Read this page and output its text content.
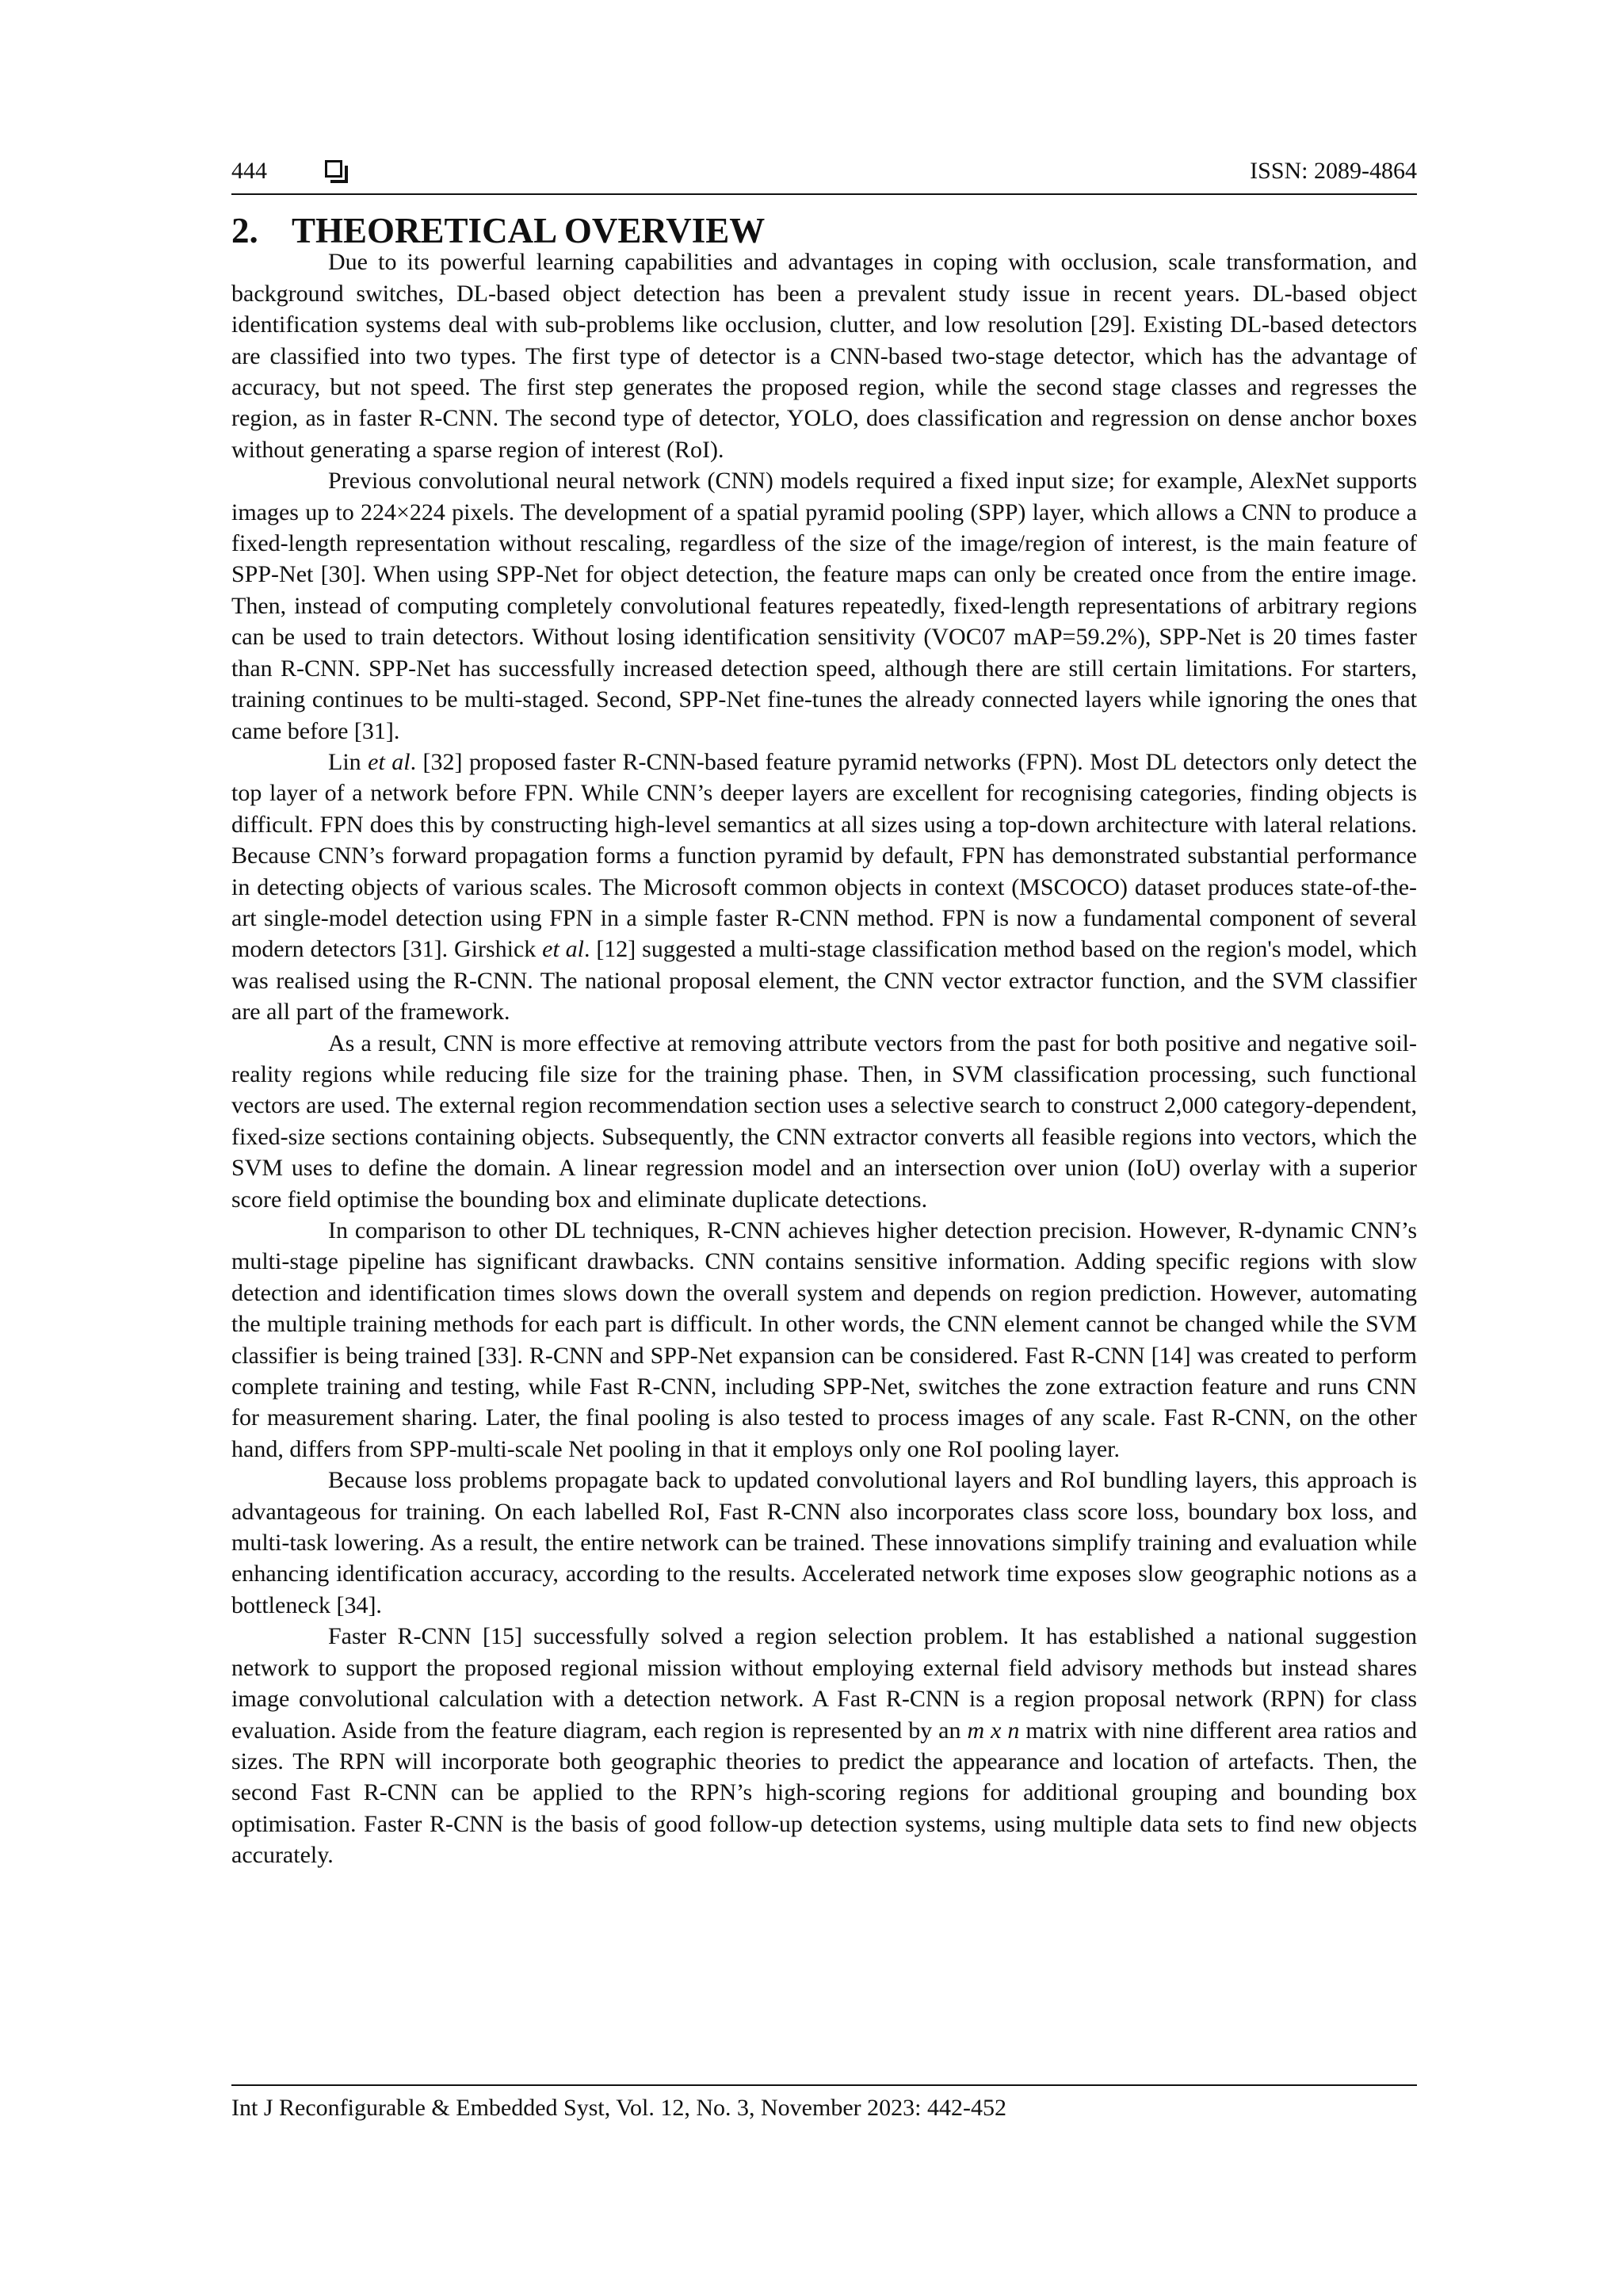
444	ISSN: 2089-4864
2. THEORETICAL OVERVIEW

Due to its powerful learning capabilities and advantages in coping with occlusion, scale transformation, and background switches, DL-based object detection has been a prevalent study issue in recent years. DL-based object identification systems deal with sub-problems like occlusion, clutter, and low resolution [29]. Existing DL-based detectors are classified into two types. The first type of detector is a CNN-based two-stage detector, which has the advantage of accuracy, but not speed. The first step generates the proposed region, while the second stage classes and regresses the region, as in faster R-CNN. The second type of detector, YOLO, does classification and regression on dense anchor boxes without generating a sparse region of interest (RoI).

Previous convolutional neural network (CNN) models required a fixed input size; for example, AlexNet supports images up to 224×224 pixels. The development of a spatial pyramid pooling (SPP) layer, which allows a CNN to produce a fixed-length representation without rescaling, regardless of the size of the image/region of interest, is the main feature of SPP-Net [30]. When using SPP-Net for object detection, the feature maps can only be created once from the entire image. Then, instead of computing completely convolutional features repeatedly, fixed-length representations of arbitrary regions can be used to train detectors. Without losing identification sensitivity (VOC07 mAP=59.2%), SPP-Net is 20 times faster than R-CNN. SPP-Net has successfully increased detection speed, although there are still certain limitations. For starters, training continues to be multi-staged. Second, SPP-Net fine-tunes the already connected layers while ignoring the ones that came before [31].

Lin et al. [32] proposed faster R-CNN-based feature pyramid networks (FPN). Most DL detectors only detect the top layer of a network before FPN. While CNN’s deeper layers are excellent for recognising categories, finding objects is difficult. FPN does this by constructing high-level semantics at all sizes using a top-down architecture with lateral relations. Because CNN’s forward propagation forms a function pyramid by default, FPN has demonstrated substantial performance in detecting objects of various scales. The Microsoft common objects in context (MSCOCO) dataset produces state-of-the-art single-model detection using FPN in a simple faster R-CNN method. FPN is now a fundamental component of several modern detectors [31]. Girshick et al. [12] suggested a multi-stage classification method based on the region's model, which was realised using the R-CNN. The national proposal element, the CNN vector extractor function, and the SVM classifier are all part of the framework.

As a result, CNN is more effective at removing attribute vectors from the past for both positive and negative soil-reality regions while reducing file size for the training phase. Then, in SVM classification processing, such functional vectors are used. The external region recommendation section uses a selective search to construct 2,000 category-dependent, fixed-size sections containing objects. Subsequently, the CNN extractor converts all feasible regions into vectors, which the SVM uses to define the domain. A linear regression model and an intersection over union (IoU) overlay with a superior score field optimise the bounding box and eliminate duplicate detections.

In comparison to other DL techniques, R-CNN achieves higher detection precision. However, R-dynamic CNN’s multi-stage pipeline has significant drawbacks. CNN contains sensitive information. Adding specific regions with slow detection and identification times slows down the overall system and depends on region prediction. However, automating the multiple training methods for each part is difficult. In other words, the CNN element cannot be changed while the SVM classifier is being trained [33]. R-CNN and SPP-Net expansion can be considered. Fast R-CNN [14] was created to perform complete training and testing, while Fast R-CNN, including SPP-Net, switches the zone extraction feature and runs CNN for measurement sharing. Later, the final pooling is also tested to process images of any scale. Fast R-CNN, on the other hand, differs from SPP-multi-scale Net pooling in that it employs only one RoI pooling layer.

Because loss problems propagate back to updated convolutional layers and RoI bundling layers, this approach is advantageous for training. On each labelled RoI, Fast R-CNN also incorporates class score loss, boundary box loss, and multi-task lowering. As a result, the entire network can be trained. These innovations simplify training and evaluation while enhancing identification accuracy, according to the results. Accelerated network time exposes slow geographic notions as a bottleneck [34].

Faster R-CNN [15] successfully solved a region selection problem. It has established a national suggestion network to support the proposed regional mission without employing external field advisory methods but instead shares image convolutional calculation with a detection network. A Fast R-CNN is a region proposal network (RPN) for class evaluation. Aside from the feature diagram, each region is represented by an m x n matrix with nine different area ratios and sizes. The RPN will incorporate both geographic theories to predict the appearance and location of artefacts. Then, the second Fast R-CNN can be applied to the RPN’s high-scoring regions for additional grouping and bounding box optimisation. Faster R-CNN is the basis of good follow-up detection systems, using multiple data sets to find new objects accurately.

Int J Reconfigurable & Embedded Syst, Vol. 12, No. 3, November 2023: 442-452
